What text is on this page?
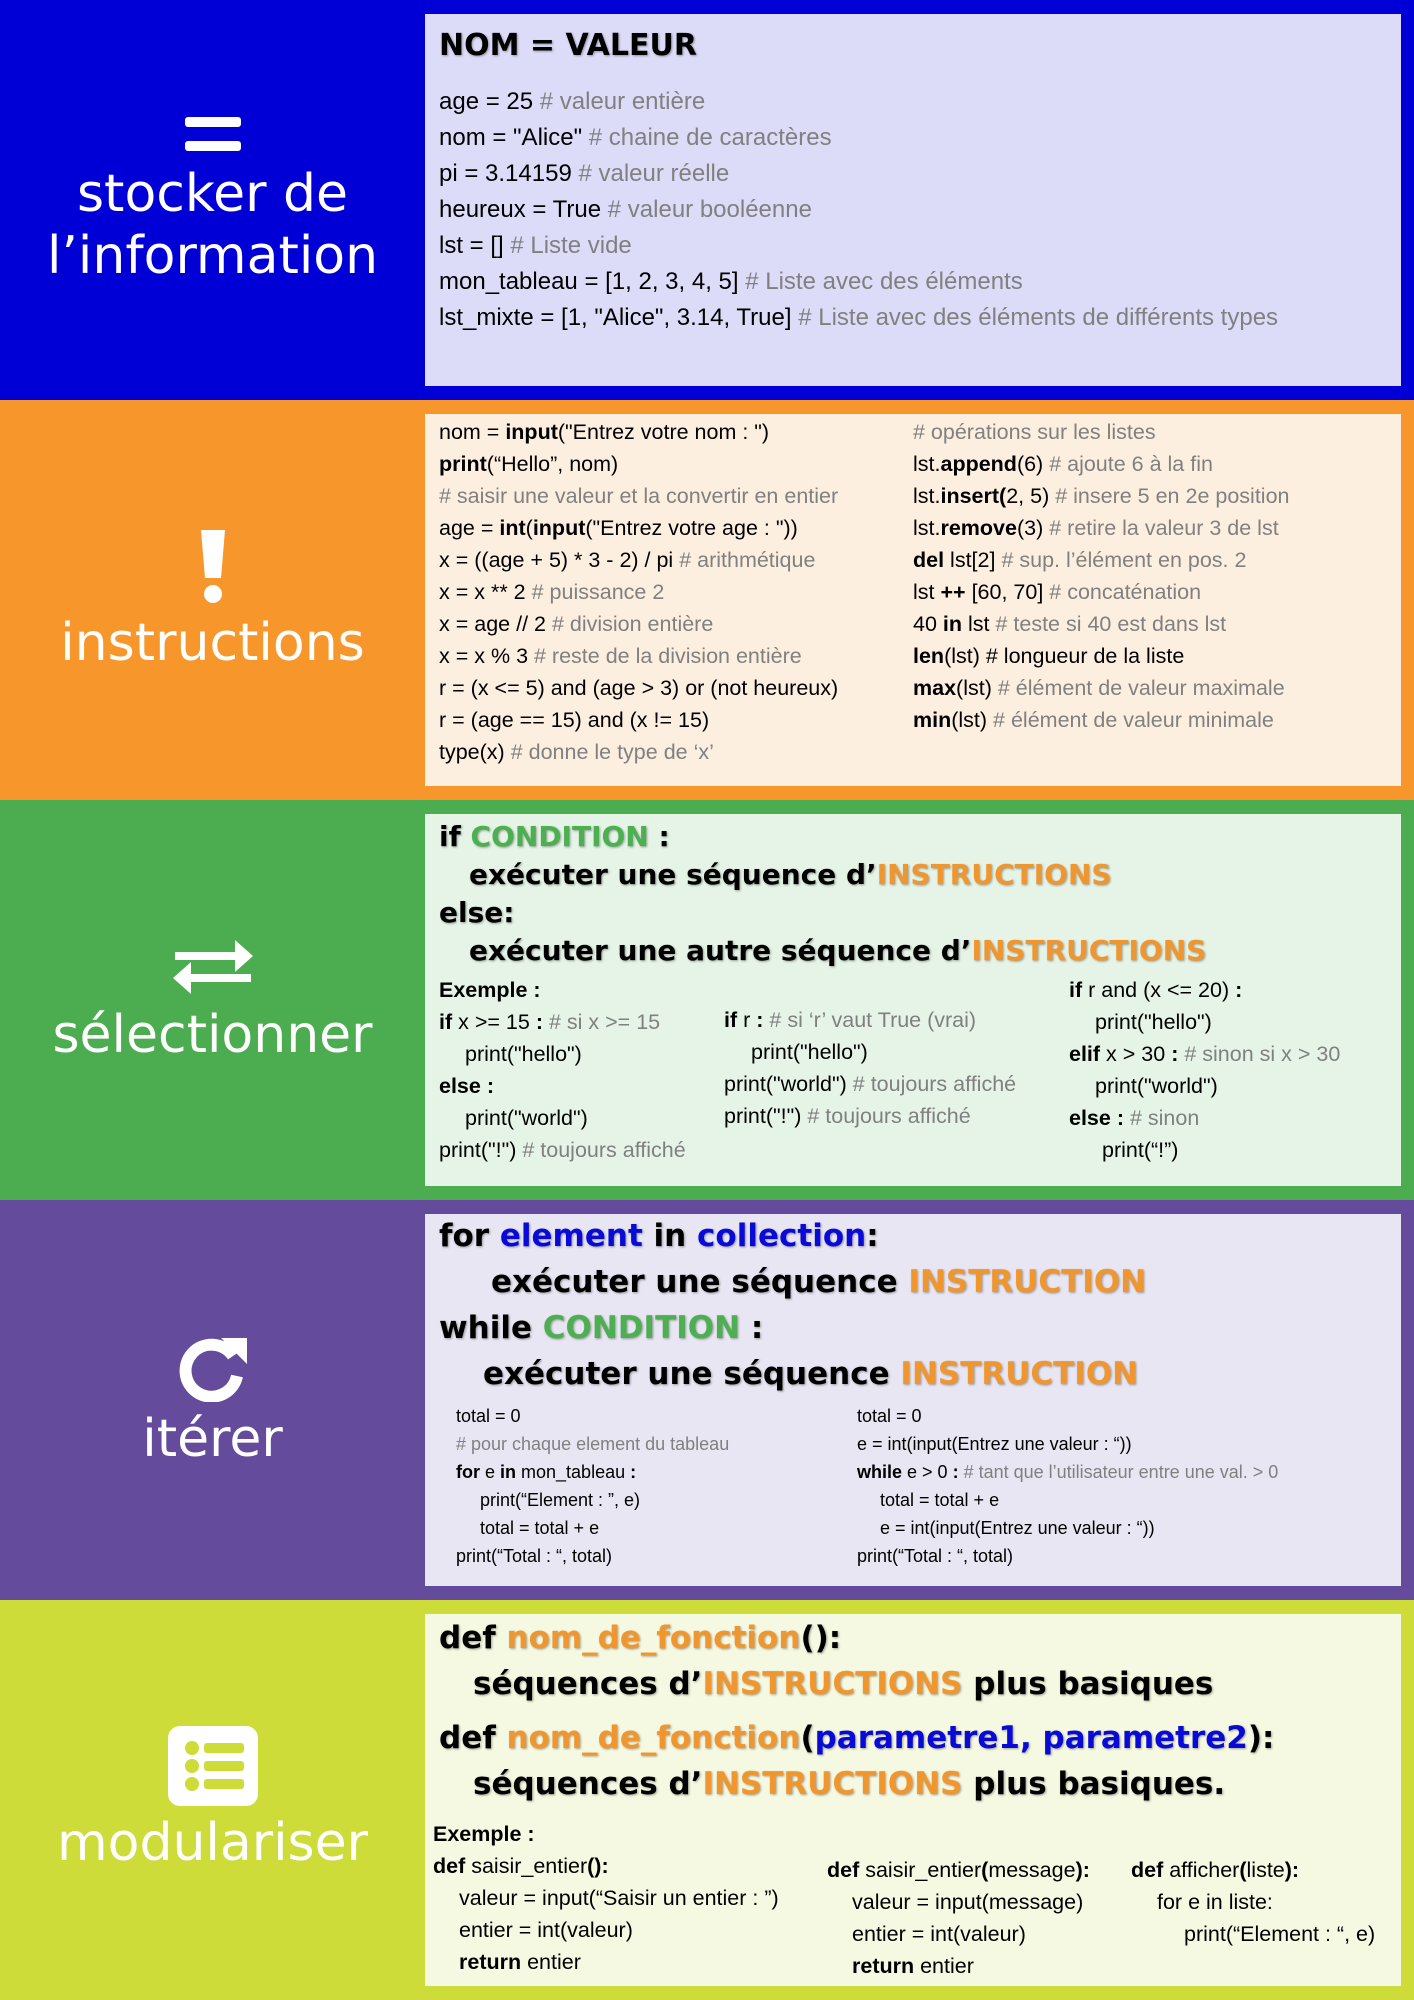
stocker de
l’information
NOM = VALEUR
age = 25 # valeur entière
nom = "Alice" # chaine de caractères
pi = 3.14159 # valeur réelle
heureux = True # valeur booléenne
lst = [] # Liste vide
mon_tableau = [1, 2, 3, 4, 5] # Liste avec des éléments
lst_mixte = [1, "Alice", 3.14, True] # Liste avec des éléments de différents types
instructions
nom = input("Entrez votre nom : ")
print(“Hello”, nom)
# saisir une valeur et la convertir en entier
age = int(input("Entrez votre age : "))
x = ((age + 5) * 3 - 2) / pi # arithmétique
x = x ** 2 # puissance 2
x = age // 2 # division entière
x = x % 3 # reste de la division entière
r = (x <= 5) and (age > 3) or (not heureux)
r = (age == 15) and (x != 15)
type(x) # donne le type de ‘x’
# opérations sur les listes
lst.append(6) # ajoute 6 à la fin
lst.insert(2, 5) # insere 5 en 2e position
lst.remove(3) # retire la valeur 3 de lst
del lst[2] # sup. l’élément en pos. 2
lst ++ [60, 70] # concaténation
40 in lst # teste si 40 est dans lst
len(lst) # longueur de la liste
max(lst) # élément de valeur maximale
min(lst) # élément de valeur minimale
sélectionner
if CONDITION :
exécuter une séquence d’INSTRUCTIONS
else:
exécuter une autre séquence d’INSTRUCTIONS
Exemple :
if x >= 15 : # si x >= 15
print("hello")
else :
print("world")
print("!") # toujours affiché
if r : # si ‘r’ vaut True (vrai)
print("hello")
print("world") # toujours affiché
print("!") # toujours affiché
if r and (x <= 20) :
print("hello")
elif x > 30 : # sinon si x > 30
print("world")
else : # sinon
print(“!”)
itérer
for element in collection:
exécuter une séquence INSTRUCTION
while CONDITION :
exécuter une séquence INSTRUCTION
total = 0
# pour chaque element du tableau
for e in mon_tableau :
print(“Element : ”, e)
total = total + e
print(“Total : “, total)
total = 0
e = int(input(Entrez une valeur : “))
while e > 0 : # tant que l’utilisateur entre une val. > 0
total = total + e
e = int(input(Entrez une valeur : “))
print(“Total : “, total)
modulariser
def nom_de_fonction():
séquences d’INSTRUCTIONS plus basiques
def nom_de_fonction(parametre1, parametre2):
séquences d’INSTRUCTIONS plus basiques.
Exemple :
def saisir_entier():
valeur = input(“Saisir un entier : ”)
entier = int(valeur)
return entier
def saisir_entier(message):
valeur = input(message)
entier = int(valeur)
return entier
def afficher(liste):
for e in liste:
print(“Element : “, e)
